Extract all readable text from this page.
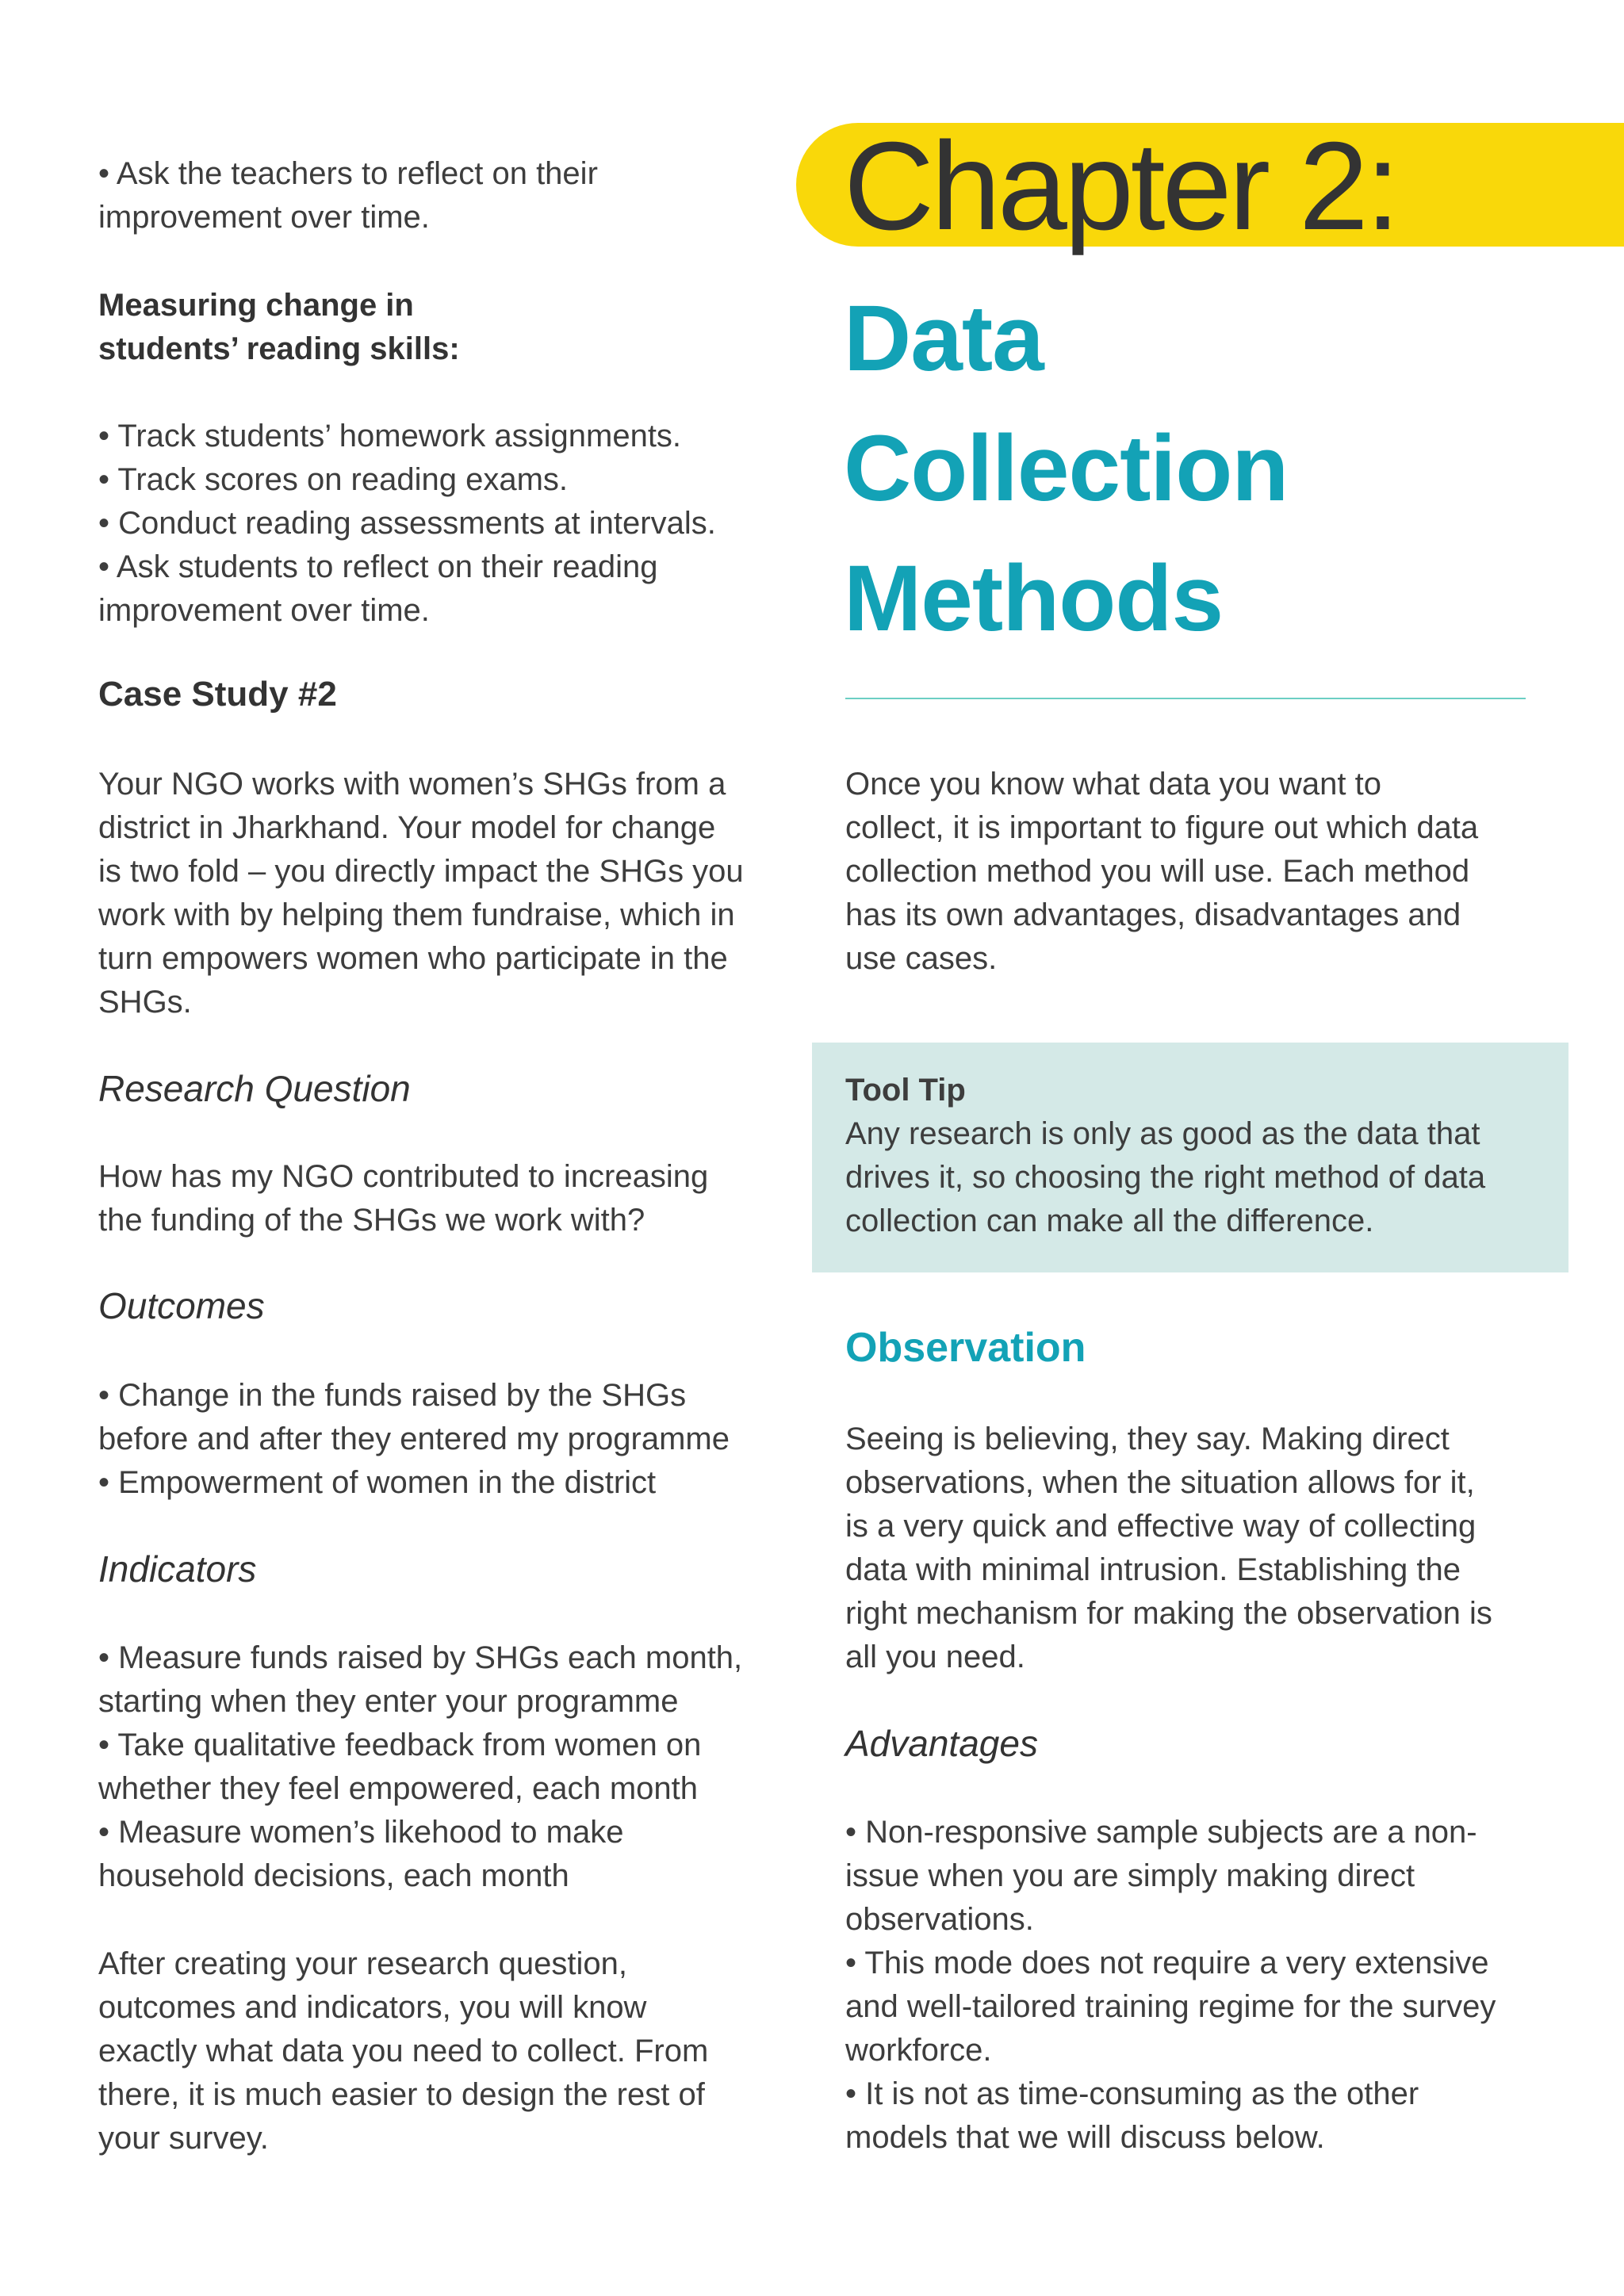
• Ask the teachers to reflect on their
improvement over time.
Measuring change in
students’ reading skills:
• Track students’ homework assignments.
• Track scores on reading exams.
• Conduct reading assessments at intervals.
• Ask students to reflect on their reading
improvement over time.
Case Study #2
Your NGO works with women’s SHGs from a
district in Jharkhand. Your model for change
is two fold – you directly impact the SHGs you
work with by helping them fundraise, which in
turn empowers women who participate in the
SHGs.
Research Question
How has my NGO contributed to increasing
the funding of the SHGs we work with?
Outcomes
• Change in the funds raised by the SHGs
before and after they entered my programme
• Empowerment of women in the district
Indicators
• Measure funds raised by SHGs each month,
starting when they enter your programme
• Take qualitative feedback from women on
whether they feel empowered, each month
• Measure women’s likehood to make
household decisions, each month
After creating your research question,
outcomes and indicators, you will know
exactly what data you need to collect. From
there, it is much easier to design the rest of
your survey.
Chapter 2:
Data
Collection
Methods
Once you know what data you want to
collect, it is important to figure out which data
collection method you will use. Each method
has its own advantages, disadvantages and
use cases.
Tool Tip
Any research is only as good as the data that
drives it, so choosing the right method of data
collection can make all the difference.
Observation
Seeing is believing, they say. Making direct
observations, when the situation allows for it,
is a very quick and effective way of collecting
data with minimal intrusion. Establishing the
right mechanism for making the observation is
all you need.
Advantages
• Non-responsive sample subjects are a non-
issue when you are simply making direct
observations.
• This mode does not require a very extensive
and well-tailored training regime for the survey
workforce.
• It is not as time-consuming as the other
models that we will discuss below.
